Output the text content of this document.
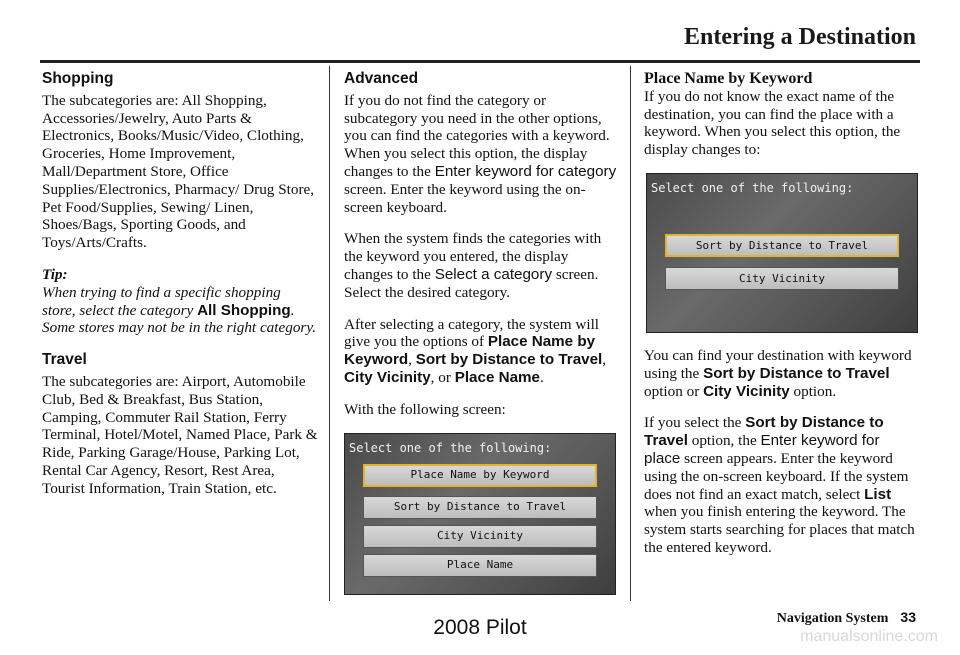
Entering a Destination
Shopping

The subcategories are: All Shopping, Accessories/Jewelry, Auto Parts & Electronics, Books/Music/Video, Clothing, Groceries, Home Improvement, Mall/Department Store, Office Supplies/Electronics, Pharmacy/ Drug Store, Pet Food/Supplies, Sewing/ Linen, Shoes/Bags, Sporting Goods, and Toys/Arts/Crafts.

Tip:

When trying to find a specific shopping store, select the category All Shopping. Some stores may not be in the right category.

Travel

The subcategories are: Airport, Automobile Club, Bed & Breakfast, Bus Station, Camping, Commuter Rail Station, Ferry Terminal, Hotel/Motel, Named Place, Park & Ride, Parking Garage/House, Parking Lot, Rental Car Agency, Resort, Rest Area, Tourist Information, Train Station, etc.

Advanced

If you do not find the category or subcategory you need in the other options, you can find the categories with a keyword. When you select this option, the display changes to the Enter keyword for category screen. Enter the keyword using the on-screen keyboard.

When the system finds the categories with the keyword you entered, the display changes to the Select a category screen. Select the desired category.

After selecting a category, the system will give you the options of Place Name by Keyword, Sort by Distance to Travel, City Vicinity, or Place Name.

With the following screen:

Select one of the following:
Place Name by Keyword
Sort by Distance to Travel
City Vicinity
Place Name
Place Name by Keyword

If you do not know the exact name of the destination, you can find the place with a keyword. When you select this option, the display changes to:

Select one of the following:
Sort by Distance to Travel
City Vicinity

You can find your destination with keyword using the Sort by Distance to Travel option or City Vicinity option.

If you select the Sort by Distance to Travel option, the Enter keyword for place screen appears. Enter the keyword using the on-screen keyboard. If the system does not find an exact match, select List when you finish entering the keyword. The system starts searching for places that match the entered keyword.

Navigation System 33
2008 Pilot	manualsonline.com
